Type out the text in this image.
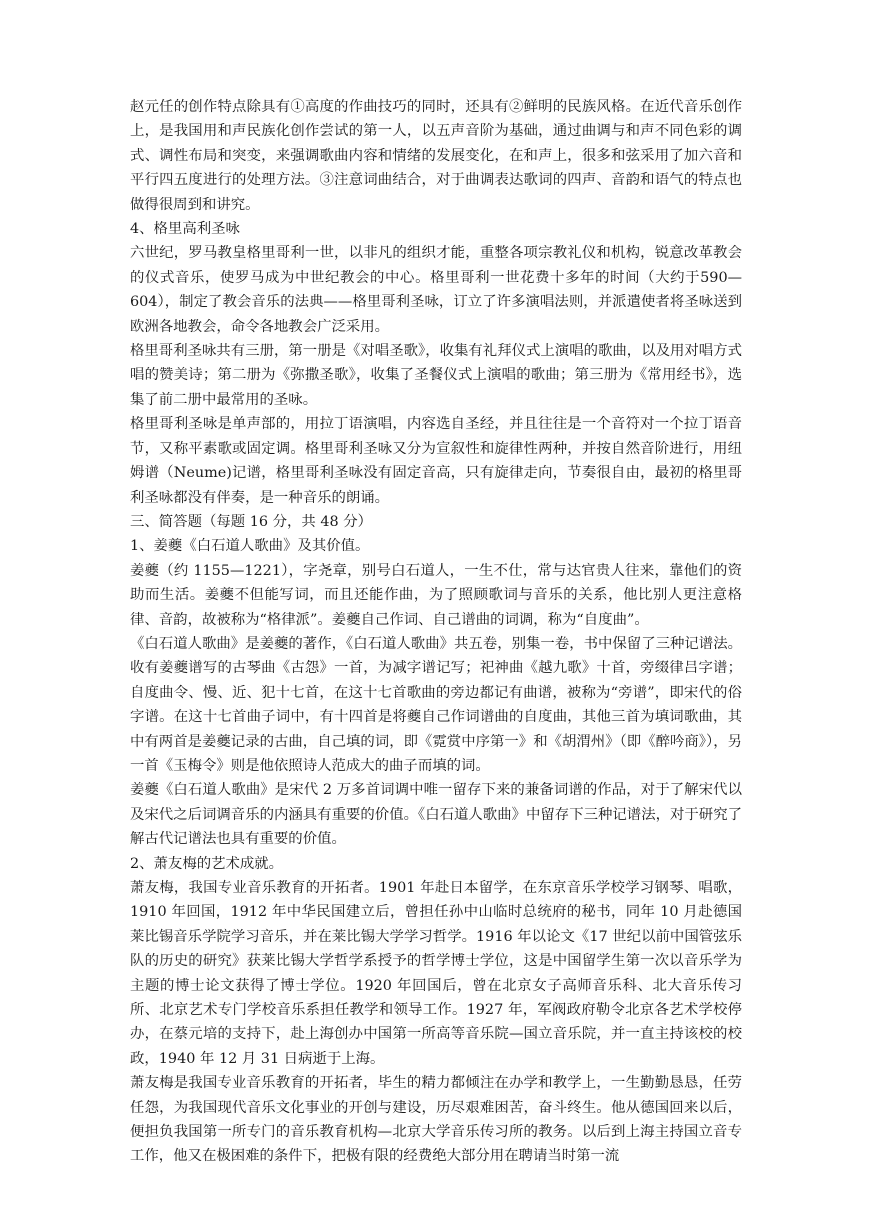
赵元任的创作特点除具有①高度的作曲技巧的同时，还具有②鲜明的民族风格。在近代音乐创作上，是我国用和声民族化创作尝试的第一人，以五声音阶为基础，通过曲调与和声不同色彩的调式、调性布局和突变，来强调歌曲内容和情绪的发展变化，在和声上，很多和弦采用了加六音和平行四五度进行的处理方法。③注意词曲结合，对于曲调表达歌词的四声、音韵和语气的特点也做得很周到和讲究。

4、格里高利圣咏

六世纪，罗马教皇格里哥利一世，以非凡的组织才能，重整各项宗教礼仪和机构，锐意改革教会的仪式音乐，使罗马成为中世纪教会的中心。格里哥利一世花费十多年的时间（大约于590—604），制定了教会音乐的法典——格里哥利圣咏，订立了许多演唱法则，并派遣使者将圣咏送到欧洲各地教会，命令各地教会广泛采用。

格里哥利圣咏共有三册，第一册是《对唱圣歌》，收集有礼拜仪式上演唱的歌曲，以及用对唱方式唱的赞美诗；第二册为《弥撒圣歌》，收集了圣餐仪式上演唱的歌曲；第三册为《常用经书》，选集了前二册中最常用的圣咏。

格里哥利圣咏是单声部的，用拉丁语演唱，内容选自圣经，并且往往是一个音符对一个拉丁语音节，又称平素歌或固定调。格里哥利圣咏又分为宣叙性和旋律性两种，并按自然音阶进行，用纽姆谱（Neume)记谱，格里哥利圣咏没有固定音高，只有旋律走向，节奏很自由，最初的格里哥利圣咏都没有伴奏，是一种音乐的朗诵。

三、简答题（每题 16 分，共 48 分）

1、姜夔《白石道人歌曲》及其价值。

姜夔（约 1155—1221），字尧章，别号白石道人，一生不仕，常与达官贵人往来，靠他们的资助而生活。姜夔不但能写词，而且还能作曲，为了照顾歌词与音乐的关系，他比别人更注意格律、音韵，故被称为“格律派”。姜夔自己作词、自己谱曲的词调，称为“自度曲”。

《白石道人歌曲》是姜夔的著作，《白石道人歌曲》共五卷，别集一卷，书中保留了三种记谱法。收有姜夔谱写的古琴曲《古怨》一首，为减字谱记写；祀神曲《越九歌》十首，旁缀律吕字谱；自度曲令、慢、近、犯十七首，在这十七首歌曲的旁边都记有曲谱，被称为“旁谱”，即宋代的俗字谱。在这十七首曲子词中，有十四首是将夔自己作词谱曲的自度曲，其他三首为填词歌曲，其中有两首是姜夔记录的古曲，自己填的词，即《霓赏中序第一》和《胡渭州》（即《醉吟商》），另一首《玉梅令》则是他依照诗人范成大的曲子而填的词。

姜夔《白石道人歌曲》是宋代 2 万多首词调中唯一留存下来的兼备词谱的作品，对于了解宋代以及宋代之后词调音乐的内涵具有重要的价值。《白石道人歌曲》中留存下三种记谱法，对于研究了解古代记谱法也具有重要的价值。

2、萧友梅的艺术成就。

萧友梅，我国专业音乐教育的开拓者。1901 年赴日本留学，在东京音乐学校学习钢琴、唱歌，1910 年回国，1912 年中华民国建立后，曾担任孙中山临时总统府的秘书，同年 10 月赴德国莱比锡音乐学院学习音乐，并在莱比锡大学学习哲学。1916 年以论文《17 世纪以前中国管弦乐队的历史的研究》获莱比锡大学哲学系授予的哲学博士学位，这是中国留学生第一次以音乐学为主题的博士论文获得了博士学位。1920 年回国后，曾在北京女子高师音乐科、北大音乐传习所、北京艺术专门学校音乐系担任教学和领导工作。1927 年，军阀政府勒令北京各艺术学校停办，在蔡元培的支持下，赴上海创办中国第一所高等音乐院—国立音乐院，并一直主持该校的校政，1940 年 12 月 31 日病逝于上海。

萧友梅是我国专业音乐教育的开拓者，毕生的精力都倾注在办学和教学上，一生勤勤恳恳，任劳任怨，为我国现代音乐文化事业的开创与建设，历尽艰难困苦，奋斗终生。他从德国回来以后，便担负我国第一所专门的音乐教育机构—北京大学音乐传习所的教务。以后到上海主持国立音专工作，他又在极困难的条件下，把极有限的经费绝大部分用在聘请当时第一流
